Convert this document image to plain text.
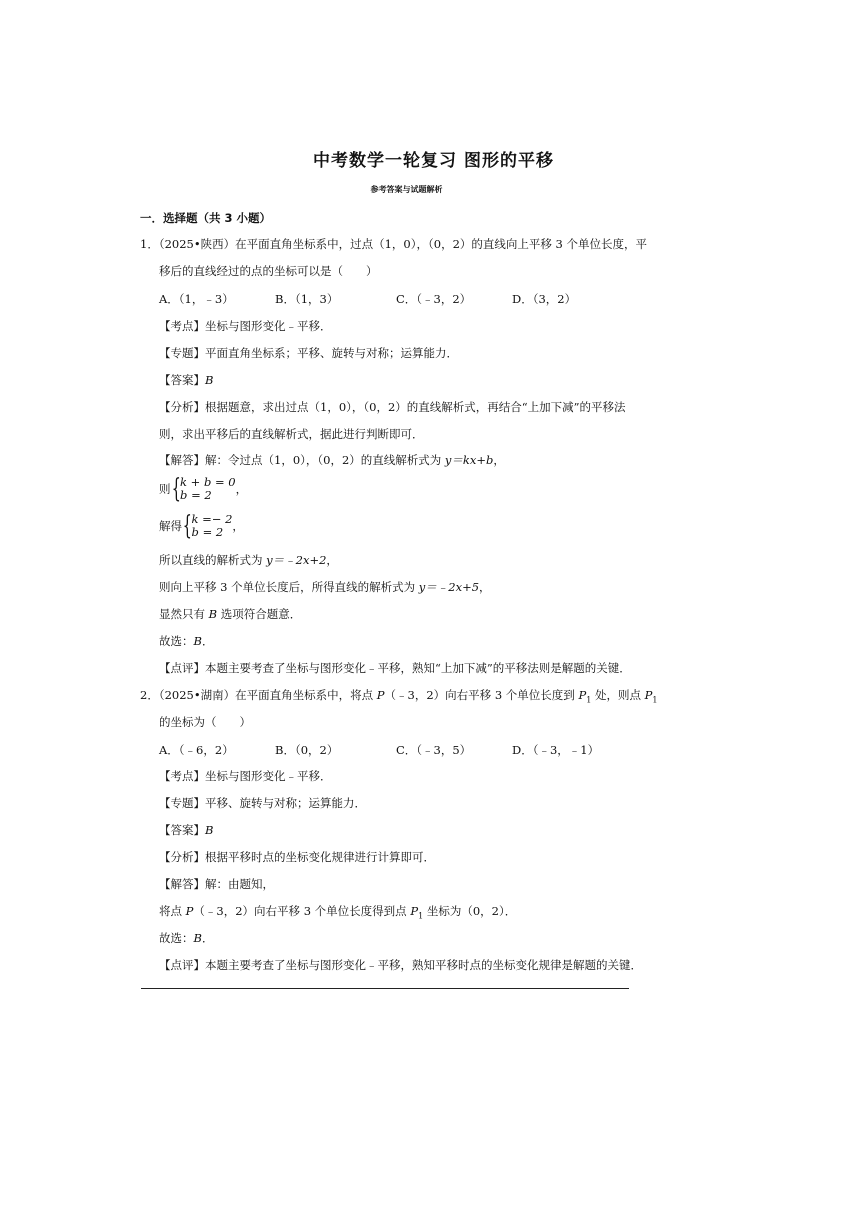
中考数学一轮复习 图形的平移
参考答案与试题解析
一．选择题（共 3 小题）
1．（2025•陕西）在平面直角坐标系中，过点（1，0），（0，2）的直线向上平移 3 个单位长度，平
移后的直线经过的点的坐标可以是（　　）
A．（1，﹣3）	B．（1，3）	C．（﹣3，2）	D．（3，2）
【考点】坐标与图形变化﹣平移．
【专题】平面直角坐标系；平移、旋转与对称；运算能力．
【答案】B
【分析】根据题意，求出过点（1，0），（0，2）的直线解析式，再结合“上加下减”的平移法
则，求出平移后的直线解析式，据此进行判断即可．
【解答】解：令过点（1，0），（0，2）的直线解析式为 y＝kx+b，
则{ k + b = 0
b = 2	，
解得{ k =− 2
b = 2 ，
所以直线的解析式为 y＝﹣2x+2，
则向上平移 3 个单位长度后，所得直线的解析式为 y＝﹣2x+5，
显然只有 B 选项符合题意．
故选：B．
【点评】本题主要考查了坐标与图形变化﹣平移，熟知“上加下减”的平移法则是解题的关键．
2．（2025•湖南）在平面直角坐标系中，将点 P（﹣3，2）向右平移 3 个单位长度到 $P_1$ 处，则点 $P_1$
的坐标为（　　）
A．（﹣6，2）	B．（0，2）	C．（﹣3，5）	D．（﹣3，﹣1）
【考点】坐标与图形变化﹣平移．
【专题】平移、旋转与对称；运算能力．
【答案】B
【分析】根据平移时点的坐标变化规律进行计算即可．
【解答】解：由题知，
将点 P（﹣3，2）向右平移 3 个单位长度得到点 $P_1$ 坐标为（0，2）．
故选：B．
【点评】本题主要考查了坐标与图形变化﹣平移，熟知平移时点的坐标变化规律是解题的关键．
